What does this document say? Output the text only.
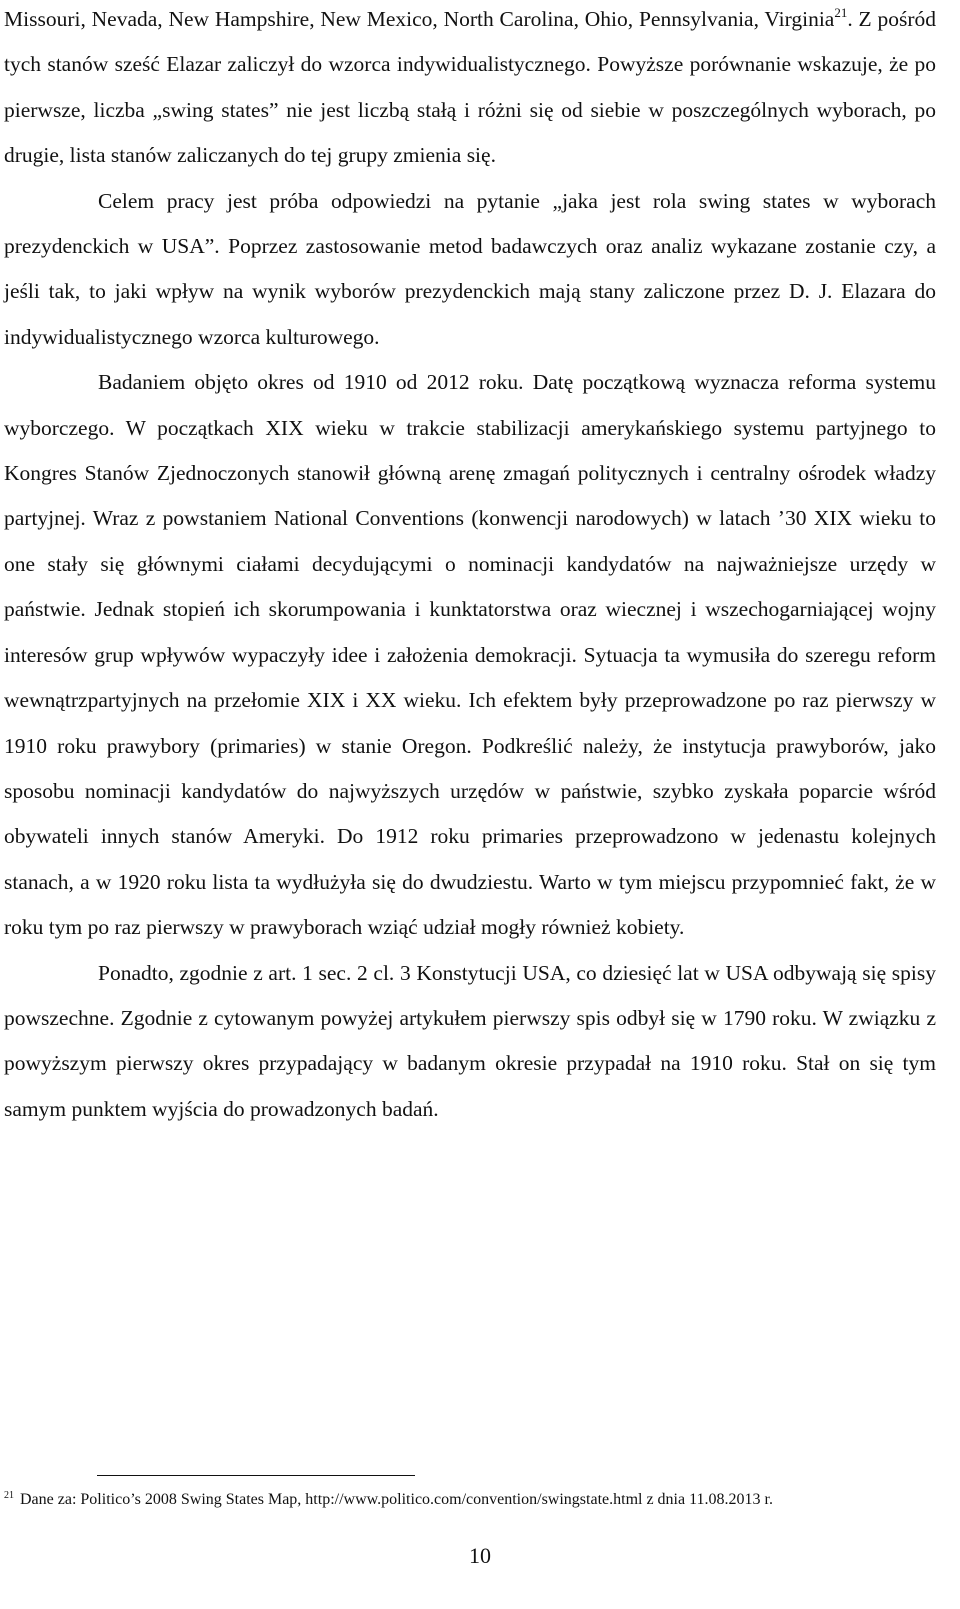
Missouri, Nevada, New Hampshire, New Mexico, North Carolina, Ohio, Pennsylvania, Virginia$^{21}$. Z pośród tych stanów sześć Elazar zaliczył do wzorca indywidualistycznego. Powyższe porównanie wskazuje, że po pierwsze, liczba „swing states” nie jest liczbą stałą i różni się od siebie w poszczególnych wyborach, po drugie, lista stanów zaliczanych do tej grupy zmienia się.

Celem pracy jest próba odpowiedzi na pytanie „jaka jest rola swing states w wyborach prezydenckich w USA”. Poprzez zastosowanie metod badawczych oraz analiz wykazane zostanie czy, a jeśli tak, to jaki wpływ na wynik wyborów prezydenckich mają stany zaliczone przez D. J. Elazara do indywidualistycznego wzorca kulturowego.

Badaniem objęto okres od 1910 od 2012 roku. Datę początkową wyznacza reforma systemu wyborczego. W początkach XIX wieku w trakcie stabilizacji amerykańskiego systemu partyjnego to Kongres Stanów Zjednoczonych stanowił główną arenę zmagań politycznych i centralny ośrodek władzy partyjnej. Wraz z powstaniem National Conventions (konwencji narodowych) w latach ’30 XIX wieku to one stały się głównymi ciałami decydującymi o nominacji kandydatów na najważniejsze urzędy w państwie. Jednak stopień ich skorumpowania i kunktatorstwa oraz wiecznej i wszechogarniającej wojny interesów grup wpływów wypaczyły idee i założenia demokracji. Sytuacja ta wymusiła do szeregu reform wewnątrzpartyjnych na przełomie XIX i XX wieku. Ich efektem były przeprowadzone po raz pierwszy w 1910 roku prawybory (primaries) w stanie Oregon. Podkreślić należy, że instytucja prawyborów, jako sposobu nominacji kandydatów do najwyższych urzędów w państwie, szybko zyskała poparcie wśród obywateli innych stanów Ameryki. Do 1912 roku primaries przeprowadzono w jedenastu kolejnych stanach, a w 1920 roku lista ta wydłużyła się do dwudziestu. Warto w tym miejscu przypomnieć fakt, że w roku tym po raz pierwszy w prawyborach wziąć udział mogły również kobiety.

Ponadto, zgodnie z art. 1 sec. 2 cl. 3 Konstytucji USA, co dziesięć lat w USA odbywają się spisy powszechne. Zgodnie z cytowanym powyżej artykułem pierwszy spis odbył się w 1790 roku. W związku z powyższym pierwszy okres przypadający w badanym okresie przypadał na 1910 roku. Stał on się tym samym punktem wyjścia do prowadzonych badań.

$^{21}$ Dane za: Politico’s 2008 Swing States Map, http://www.politico.com/convention/swingstate.html z dnia 11.08.2013 r.
10
